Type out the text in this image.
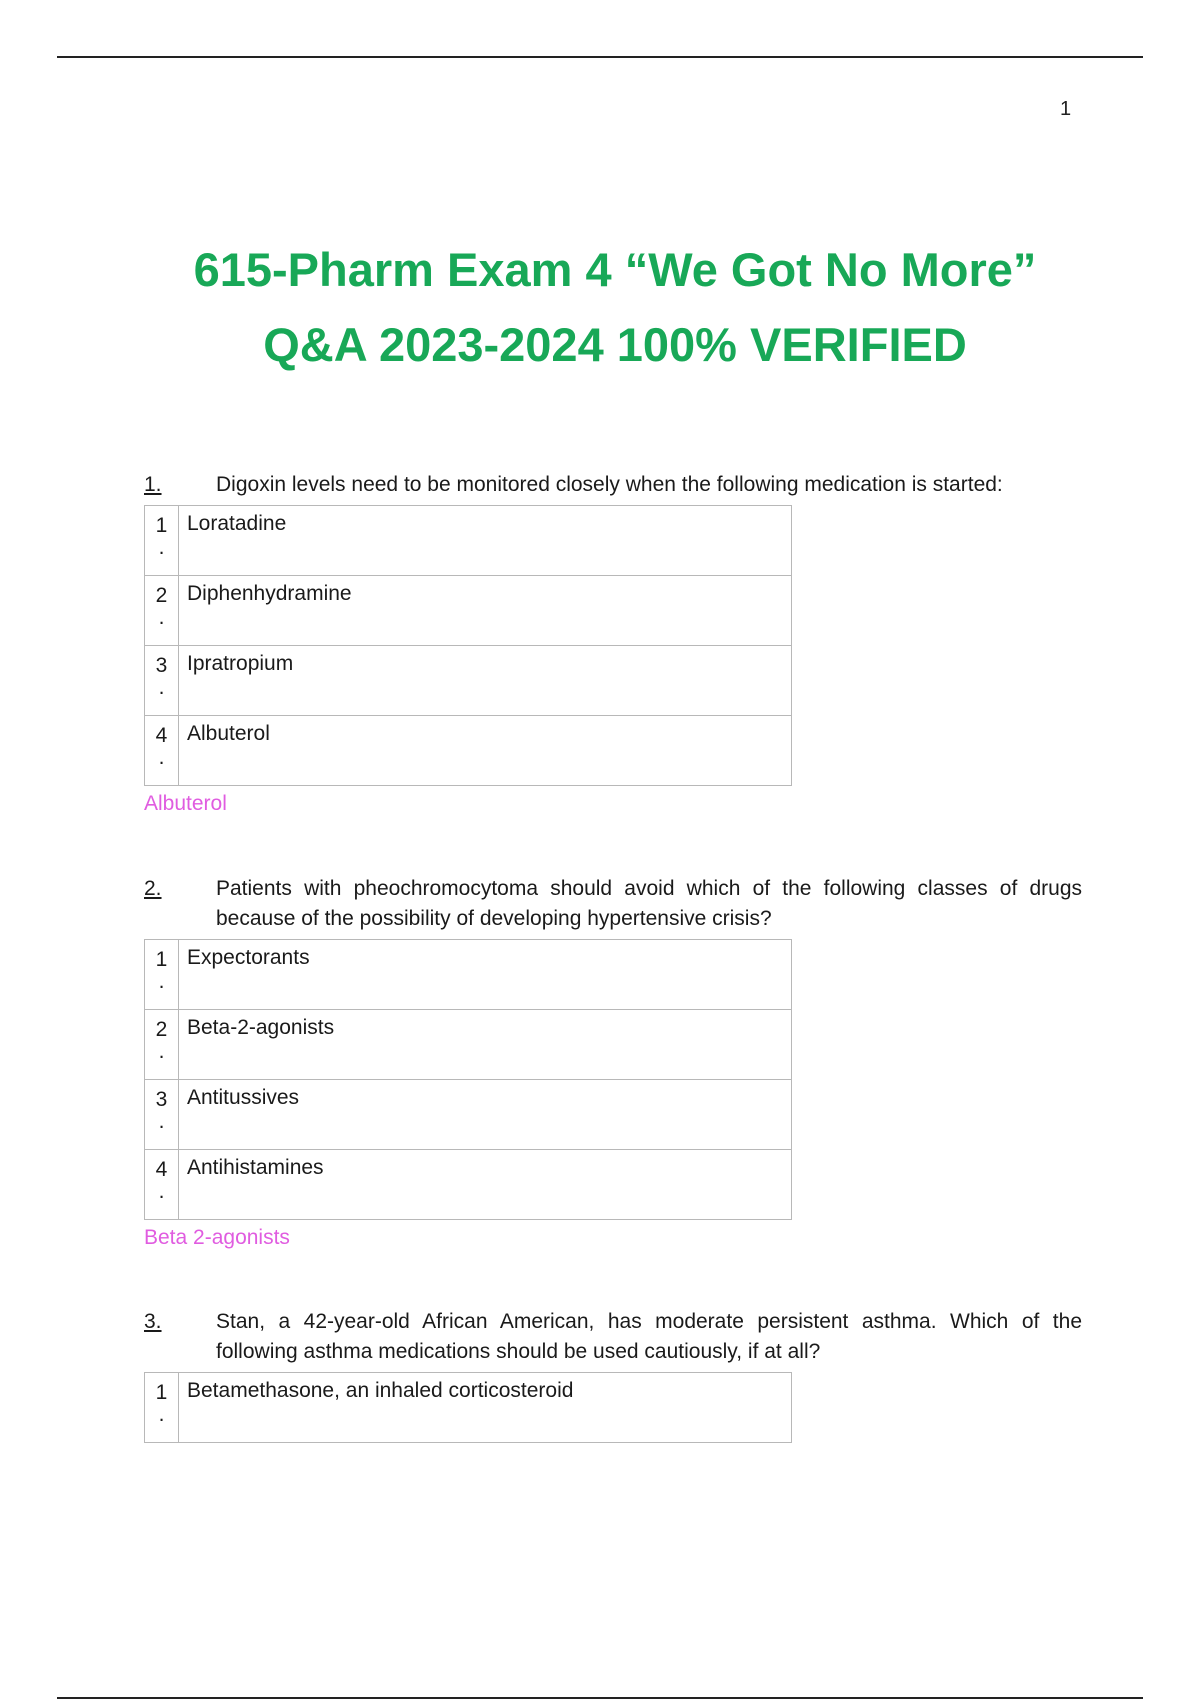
1
615-Pharm Exam 4 “We Got No More”
Q&A 2023-2024 100% VERIFIED
1.	Digoxin levels need to be monitored closely when the following medication is started:
1
.	Loratadine
2
.	Diphenhydramine
3
.	Ipratropium
4
.	Albuterol
Albuterol
2.	Patients with pheochromocytoma should avoid which of the following classes of drugs because of the possibility of developing hypertensive crisis?
1
.	Expectorants
2
.	Beta-2-agonists
3
.	Antitussives
4
.	Antihistamines
Beta 2-agonists
3.	Stan, a 42-year-old African American, has moderate persistent asthma. Which of the following asthma medications should be used cautiously, if at all?
1
.
	Betamethasone, an inhaled corticosteroid
